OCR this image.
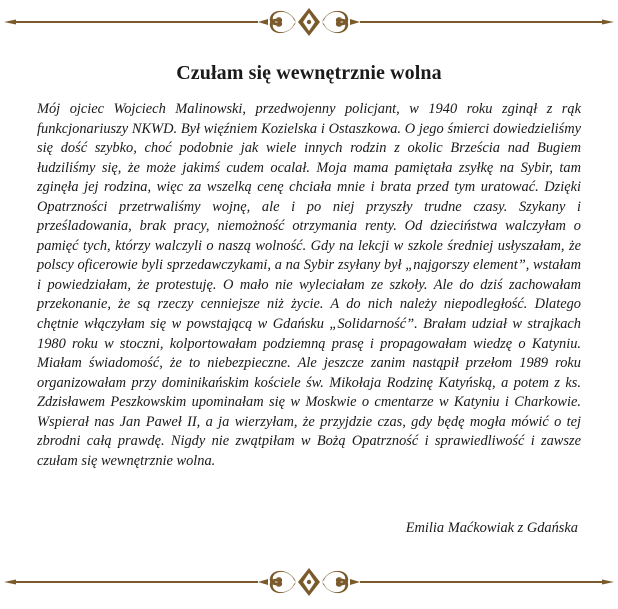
Czułam się wewnętrznie wolna

Mój ojciec Wojciech Malinowski, przedwojenny policjant, w 1940 roku zginął z rąk funkcjonariuszy NKWD. Był więźniem Kozielska i Ostaszkowa. O jego śmierci dowiedzieliśmy się dość szybko, choć podobnie jak wiele innych rodzin z okolic Brześcia nad Bugiem łudziliśmy się, że może jakimś cudem ocalał. Moja mama pamiętała zsyłkę na Sybir, tam zginęła jej rodzina, więc za wszelką cenę chciała mnie i brata przed tym uratować. Dzięki Opatrzności przetrwaliśmy wojnę, ale i po niej przyszły trudne czasy. Szykany i prześladowania, brak pracy, niemożność otrzymania renty. Od dzieciństwa walczyłam o pamięć tych, którzy walczyli o naszą wolność. Gdy na lekcji w szkole średniej usłyszałam, że polscy oficerowie byli sprzedawczykami, a na Sybir zsyłany był „najgorszy element”, wstałam i powiedziałam, że protestuję. O mało nie wyleciałam ze szkoły. Ale do dziś zachowałam przekonanie, że są rzeczy cenniejsze niż życie. A do nich należy niepodległość. Dlatego chętnie włączyłam się w powstającą w Gdańsku „Solidarność”. Brałam udział w strajkach 1980 roku w stoczni, kolportowałam podziemną prasę i propagowałam wiedzę o Katyniu. Miałam świadomość, że to niebezpieczne. Ale jeszcze zanim nastąpił przełom 1989 roku organizowałam przy dominikańskim kościele św. Mikołaja Rodzinę Katyńską, a potem z ks. Zdzisławem Peszkowskim upominałam się w Moskwie o cmentarze w Katyniu i Charkowie. Wspierał nas Jan Paweł II, a ja wierzyłam, że przyjdzie czas, gdy będę mogła mówić o tej zbrodni całą prawdę. Nigdy nie zwątpiłam w Bożą Opatrzność i sprawiedliwość i zawsze czułam się wewnętrznie wolna.

Emilia Maćkowiak z Gdańska
